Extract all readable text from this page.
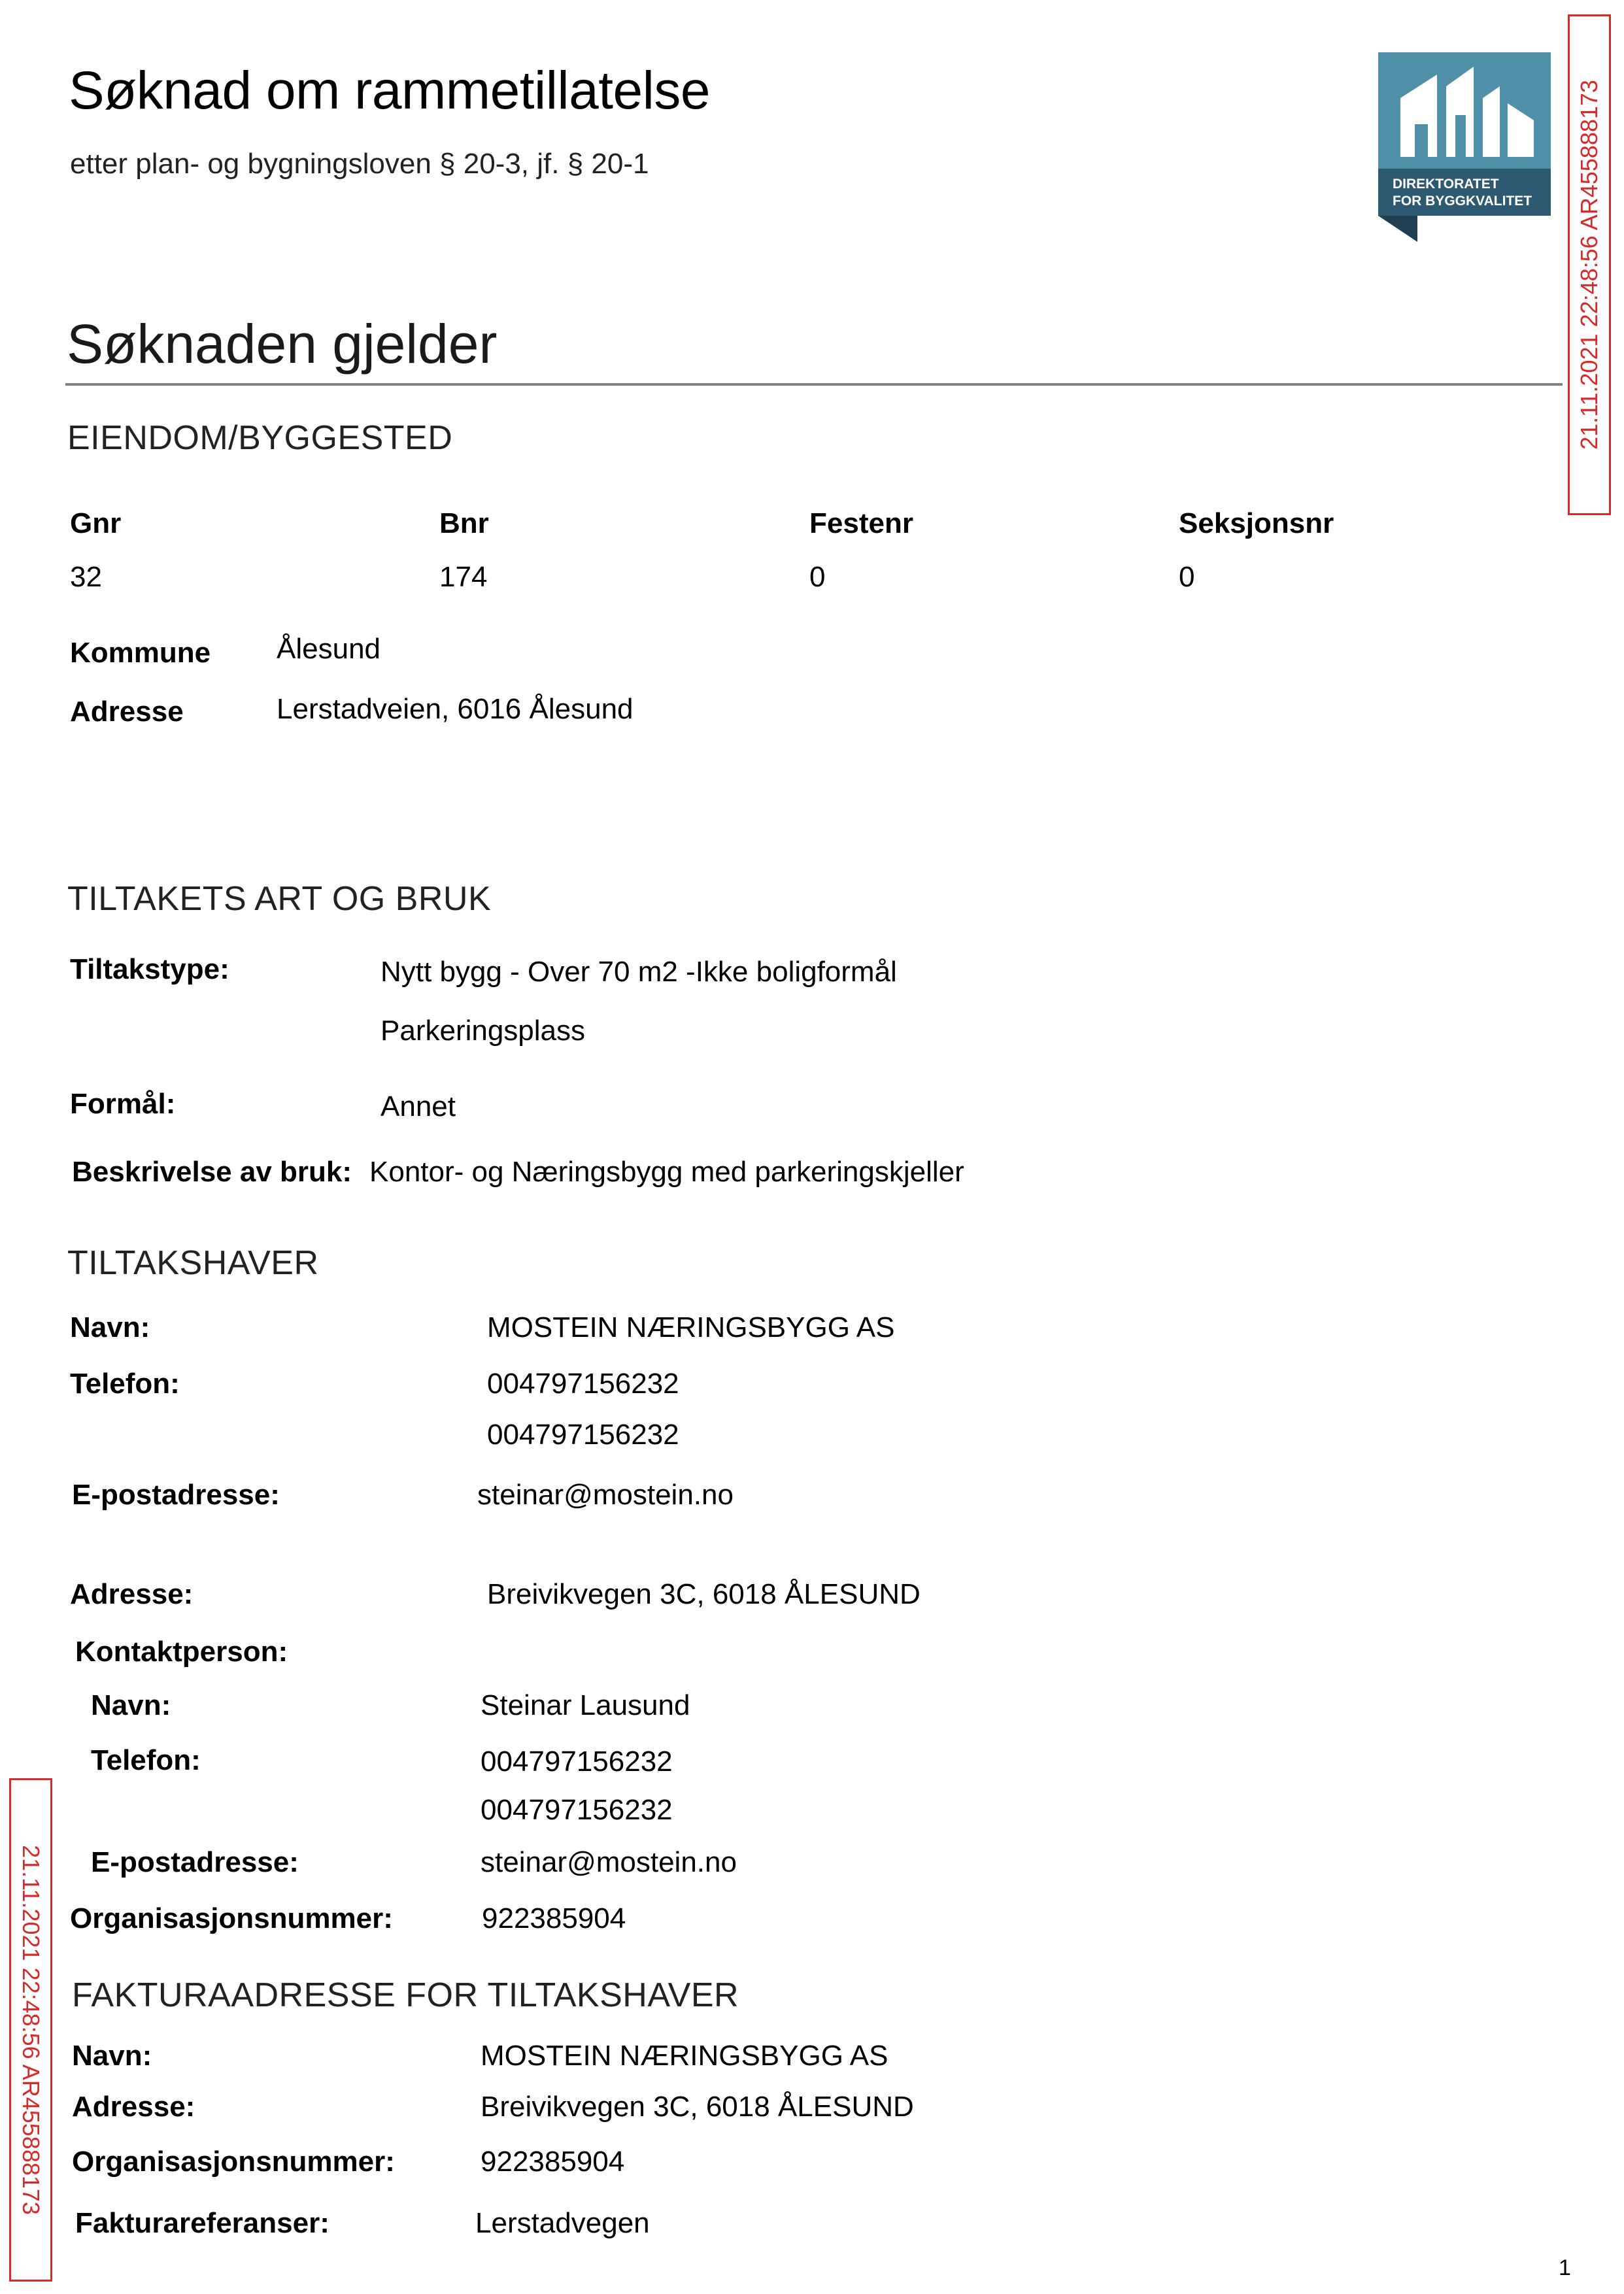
Søknad om rammetillatelse
etter plan- og bygningsloven § 20-3, jf. § 20-1
DIREKTORATET
FOR BYGGKVALITET 21.11.2021 22:48:56 AR455888173
21.11.2021 22:48:56 AR455888173
Søknaden gjelder
EIENDOM/BYGGESTED
Gnr	Bnr	Festenr	Seksjonsnr
32	174	0	0
Kommune Ålesund
Adresse	Lerstadveien, 6016 Ålesund
TILTAKETS ART OG BRUK
Tiltakstype:	Nytt bygg - Over 70 m2 -Ikke boligformål
Parkeringsplass
Formål:	Annet
Beskrivelse av bruk: Kontor- og Næringsbygg med parkeringskjeller
TILTAKSHAVER
Navn:	MOSTEIN NÆRINGSBYGG AS
Telefon:	004797156232
004797156232
E-postadresse:	steinar@mostein.no
Adresse:	Breivikvegen 3C, 6018 ÅLESUND
Kontaktperson:
Navn:	Steinar Lausund
Telefon:	004797156232
004797156232
E-postadresse:	steinar@mostein.no
Organisasjonsnummer:	922385904
FAKTURAADRESSE FOR TILTAKSHAVER
Navn:	MOSTEIN NÆRINGSBYGG AS
Adresse:	Breivikvegen 3C, 6018 ÅLESUND
Organisasjonsnummer:	922385904
Fakturareferanser:	Lerstadvegen
1
